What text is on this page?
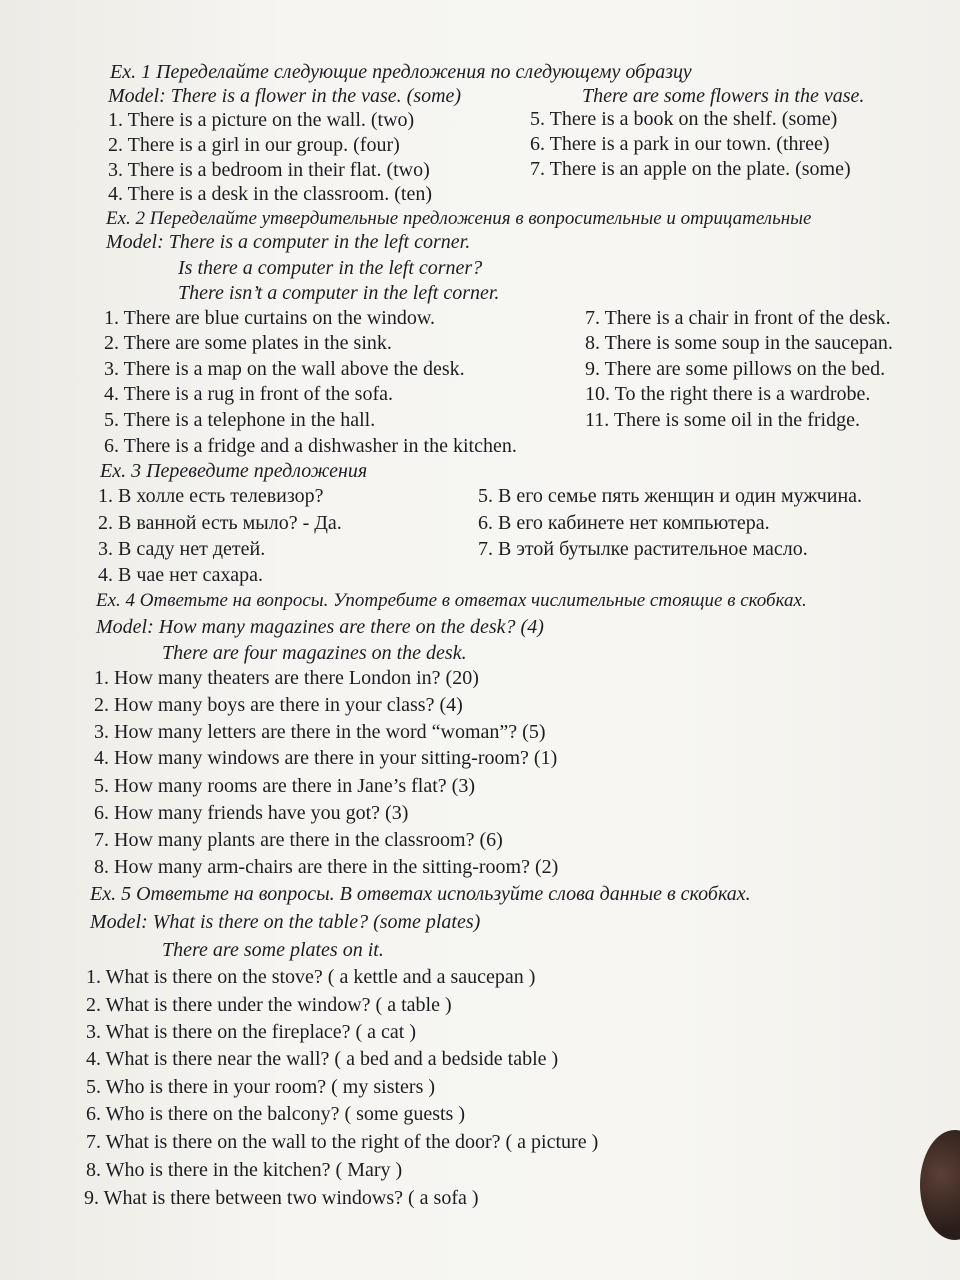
Ex. 1 Переделайте следующие предложения по следующему образцу
Model: There is a flower in the vase. (some)	There are some flowers in the vase.
1. There is a picture on the wall. (two)
2. There is a girl in our group. (four)
3. There is a bedroom in their flat. (two)
4. There is a desk in the classroom. (ten)
5. There is a book on the shelf. (some)
6. There is a park in our town. (three)
7. There is an apple on the plate. (some)
Ex. 2 Переделайте утвердительные предложения в вопросительные и отрицательные
Model: There is a computer in the left corner.
Is there a computer in the left corner?
There isn’t a computer in the left corner.
1. There are blue curtains on the window.
2. There are some plates in the sink.
3. There is a map on the wall above the desk.
4. There is a rug in front of the sofa.
5. There is a telephone in the hall.
6. There is a fridge and a dishwasher in the kitchen.
7. There is a chair in front of the desk.
8. There is some soup in the saucepan.
9. There are some pillows on the bed.
10. To the right there is a wardrobe.
11. There is some oil in the fridge.
Ex. 3 Переведите предложения
1. В холле есть телевизор?
2. В ванной есть мыло? - Да.
3. В саду нет детей.
4. В чае нет сахара.
5. В его семье пять женщин и один мужчина.
6. В его кабинете нет компьютера.
7. В этой бутылке растительное масло.
Ex. 4 Ответьте на вопросы. Употребите в ответах числительные стоящие в скобках.
Model: How many magazines are there on the desk? (4)
There are four magazines on the desk.
1. How many theaters are there London in? (20)
2. How many boys are there in your class? (4)
3. How many letters are there in the word “woman”? (5)
4. How many windows are there in your sitting-room? (1)
5. How many rooms are there in Jane’s flat? (3)
6. How many friends have you got? (3)
7. How many plants are there in the classroom? (6)
8. How many arm-chairs are there in the sitting-room? (2)
Ex. 5 Ответьте на вопросы. В ответах используйте слова данные в скобках.
Model: What is there on the table? (some plates)
There are some plates on it.
1. What is there on the stove? ( a kettle and a saucepan )
2. What is there under the window? ( a table )
3. What is there on the fireplace? ( a cat )
4. What is there near the wall? ( a bed and a bedside table )
5. Who is there in your room? ( my sisters )
6. Who is there on the balcony? ( some guests )
7. What is there on the wall to the right of the door? ( a picture )
8. Who is there in the kitchen? ( Mary )
9. What is there between two windows? ( a sofa )
